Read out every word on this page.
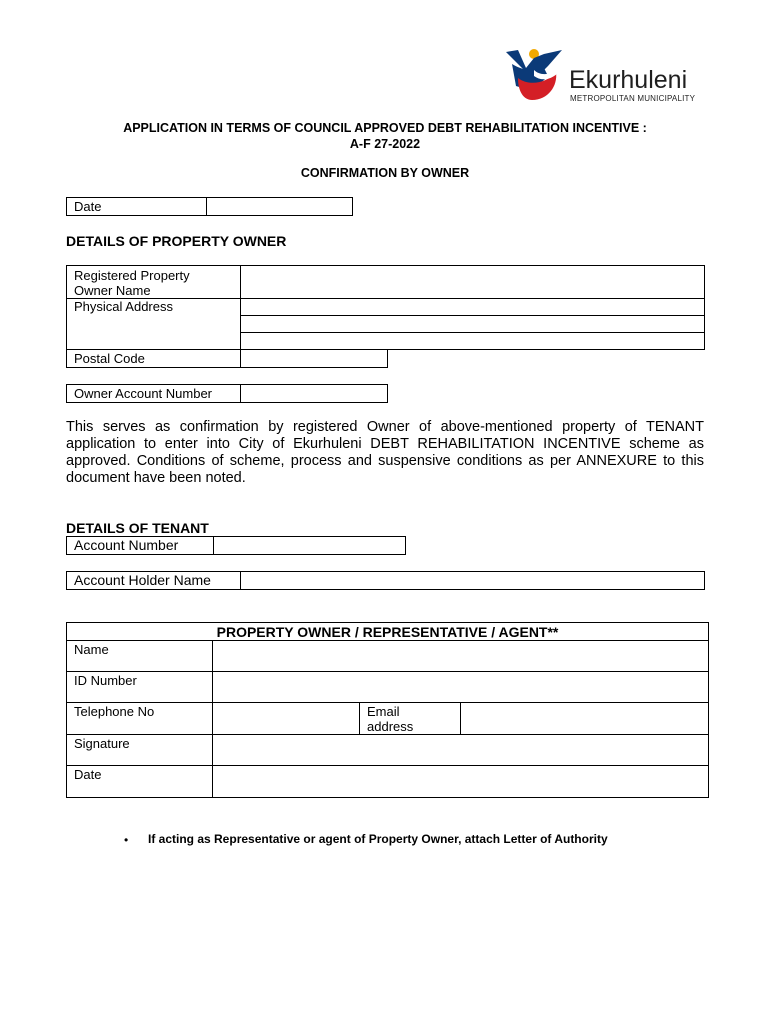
Ekurhuleni
METROPOLITAN MUNICIPALITY
APPLICATION IN TERMS OF COUNCIL APPROVED DEBT REHABILITATION INCENTIVE :
A-F 27-2022
CONFIRMATION BY OWNER
Date
DETAILS OF PROPERTY OWNER
Registered Property
Owner Name
Physical Address
Postal Code
Owner Account Number
This serves as confirmation by registered Owner of above-mentioned property of TENANT application to enter into City of Ekurhuleni DEBT REHABILITATION INCENTIVE scheme as approved. Conditions of scheme, process and suspensive conditions as per ANNEXURE to this document have been noted.
DETAILS OF TENANT
Account Number
Account Holder Name
PROPERTY OWNER / REPRESENTATIVE / AGENT**
Name
ID Number
Telephone No	Email
address
Signature
Date
• If acting as Representative or agent of Property Owner, attach Letter of Authority
